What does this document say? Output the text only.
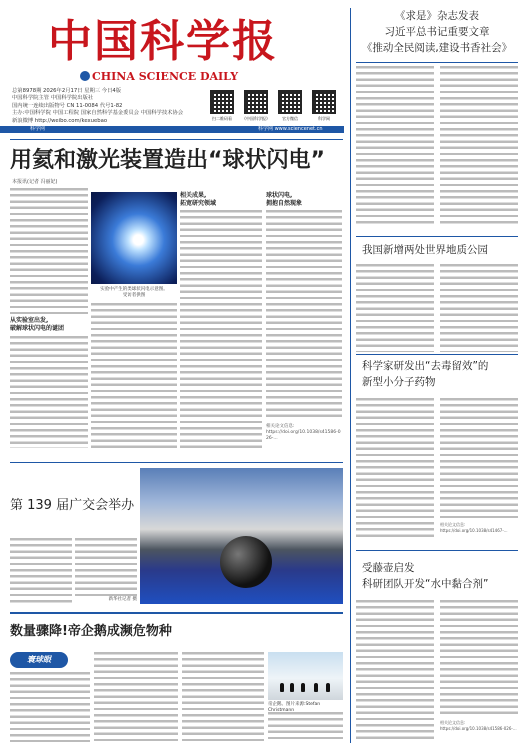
中国科学报
CHINA SCIENCE DAILY
总第8978期 2026年2月17日 星期三 今日4版
中国科学院主管 中国科学院出版社
国内统一连续出版物号 CN 11-0084 代号1-82
主办:中国科学院 中国工程院 国家自然科学基金委员会 中国科学技术协会
新浪微博 http://weibo.com/kexuebao	扫二维码看	《中国科学报》	官方微信	科学网
科学网	科学网 www.sciencenet.cn
用氦和激光装置造出“球状闪电”
本报讯(记者 冯丽妃)
从实验室出发,
破解球状闪电的谜团
实验中产生的类球状闪电示意图。
受访者供图
相关成果,
拓宽研究领域
球状闪电,
拥抱自然现象
相关论文信息:
https://doi.org/10.1038/s41586-026-...
第 139 届广交会举办
新华社记者 摄
数量骤降!帝企鹅成濒危物种
寰球眼
帝企鹅。图片来源:Stefan Christmann
《求是》杂志发表
习近平总书记重要文章
《推动全民阅读,建设书香社会》
我国新增两处世界地质公园
科学家研发出“去毒留效”的
新型小分子药物
相关论文信息:
https://doi.org/10.1038/s41467-...
受藤壶启发
科研团队开发“水中黏合剂”
相关论文信息:
https://doi.org/10.1038/s41586-026-...
